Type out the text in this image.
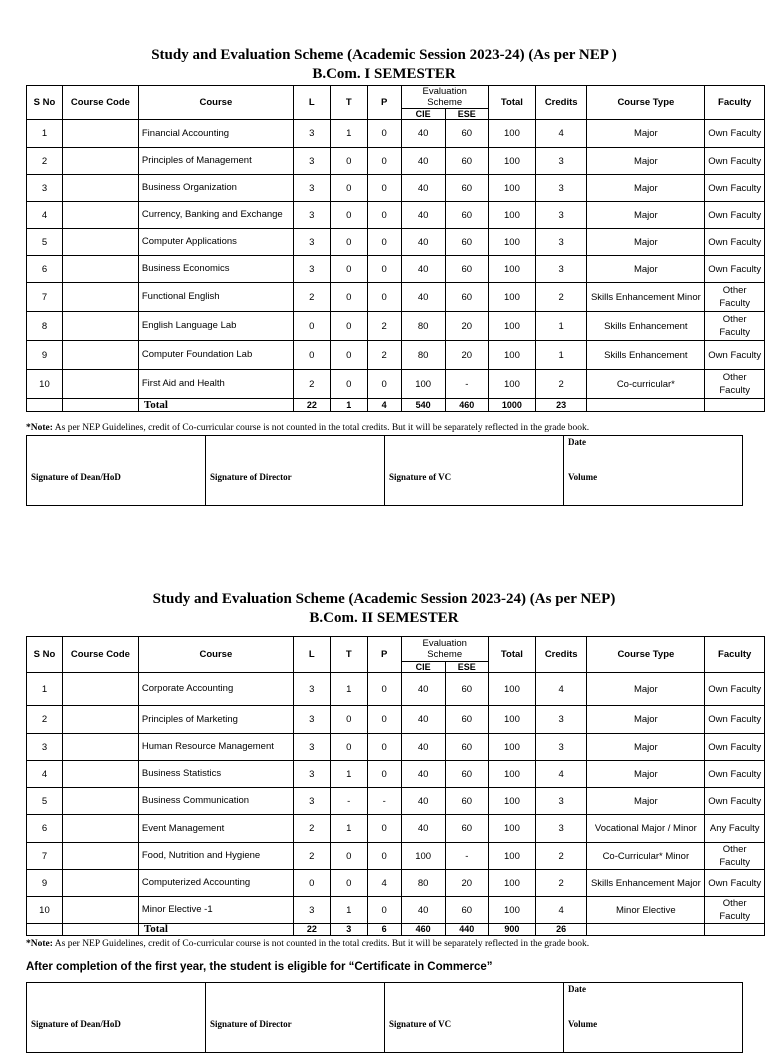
Study and Evaluation Scheme (Academic Session 2023-24) (As per NEP )
B.Com. I SEMESTER
S No	Course Code	Course	L	T	P	Evaluation
Scheme		Total	Credits	Course Type	Faculty
						CIE	ESE				
1		Financial Accounting	3	1	0	40	60	100	4	Major	Own Faculty
2		Principles of Management	3	0	0	40	60	100	3	Major	Own Faculty
3		Business Organization	3	0	0	40	60	100	3	Major	Own Faculty
4		Currency, Banking and Exchange	3	0	0	40	60	100	3	Major	Own Faculty
5		Computer Applications	3	0	0	40	60	100	3	Major	Own Faculty
6		Business Economics	3	0	0	40	60	100	3	Major	Own Faculty
7		Functional English	2	0	0	40	60	100	2	Skills Enhancement Minor	Other Faculty
8		English Language Lab	0	0	2	80	20	100	1	Skills Enhancement	Other Faculty
9		Computer Foundation Lab	0	0	2	80	20	100	1	Skills Enhancement	Own Faculty
10		First Aid and Health	2	0	0	100	-	100	2	Co-curricular*	Other Faculty
		Total	22	1	4	540	460	1000	23		
*Note: As per NEP Guidelines, credit of Co-curricular course is not counted in the total credits. But it will be separately reflected in the grade book.
Signature of Dean/HoD	Signature of Director	Signature of VC

Date
Volume
Study and Evaluation Scheme (Academic Session 2023-24) (As per NEP)
B.Com. II SEMESTER
S No	Course Code	Course	L	T	P	Evaluation
Scheme		Total	Credits	Course Type	Faculty
						CIE	ESE				
1		Corporate Accounting	3	1	0	40	60	100	4	Major	Own Faculty
2		Principles of Marketing	3	0	0	40	60	100	3	Major	Own Faculty
3		Human Resource Management	3	0	0	40	60	100	3	Major	Own Faculty
4		Business Statistics	3	1	0	40	60	100	4	Major	Own Faculty
5		Business Communication	3	-	-	40	60	100	3	Major	Own Faculty
6		Event Management	2	1	0	40	60	100	3	Vocational Major / Minor	Any Faculty
7		Food, Nutrition and Hygiene	2	0	0	100	-	100	2	Co-Curricular* Minor	Other Faculty
9		Computerized Accounting	0	0	4	80	20	100	2	Skills Enhancement Major	Own Faculty
10		Minor Elective -1	3	1	0	40	60	100	4	Minor Elective	Other Faculty
		Total	22	3	6	460	440	900	26		
*Note: As per NEP Guidelines, credit of Co-curricular course is not counted in the total credits. But it will be separately reflected in the grade book.
After completion of the first year, the student is eligible for “Certificate in Commerce”
Signature of Dean/HoD	Signature of Director	Signature of VC

Date
Volume
